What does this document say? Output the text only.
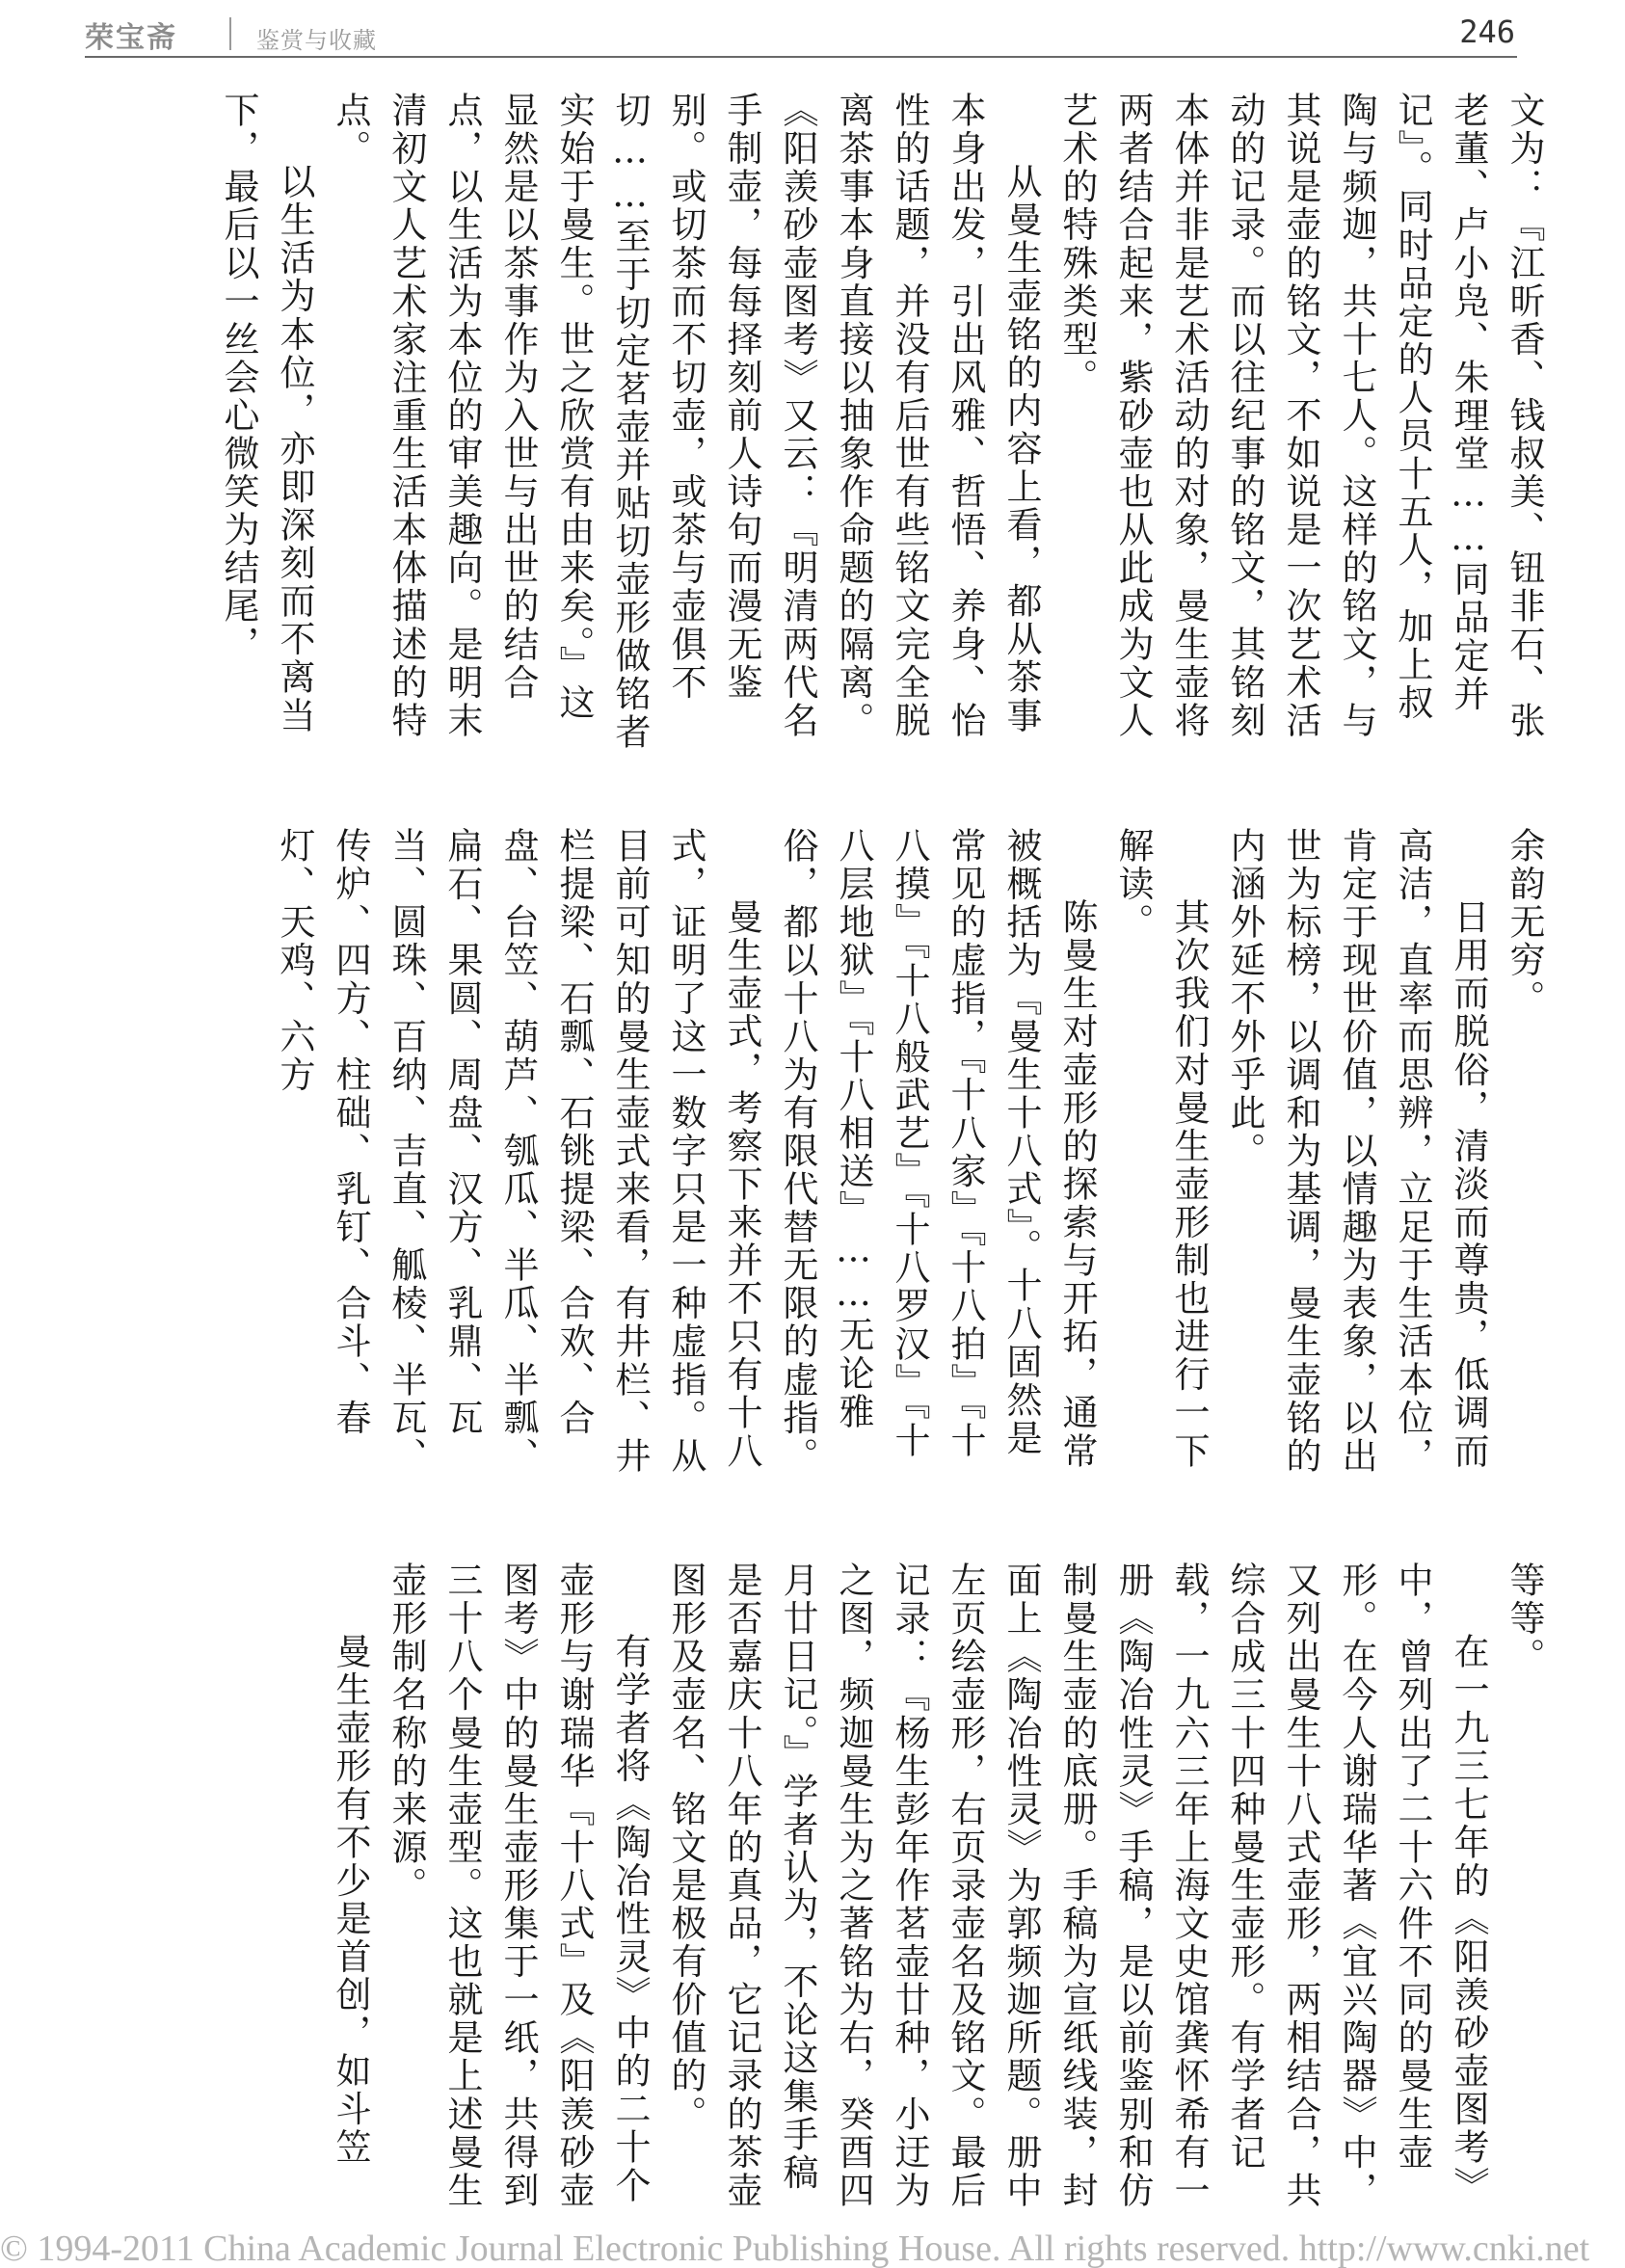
荣宝斋	鉴赏与收藏	246

文为：『江昕香、钱叔美、钮非石、张老董、卢小凫、朱理堂……同品定并记』。同时品定的人员十五人，加上叔陶与频迦，共十七人。这样的铭文，与其说是壶的铭文，不如说是一次艺术活动的记录。而以往纪事的铭文，其铭刻本体并非是艺术活动的对象，曼生壶将两者结合起来，紫砂壶也从此成为文人艺术的特殊类型。

从曼生壶铭的内容上看，都从茶事本身出发，引出风雅、哲悟、养身、怡性的话题，并没有后世有些铭文完全脱离茶事本身直接以抽象作命题的隔离。《阳羡砂壶图考》又云：『明清两代名手制壶，每每择刻前人诗句而漫无鉴别。或切茶而不切壶，或茶与壶俱不切……至于切定茗壶并贴切壶形做铭者实始于曼生。世之欣赏有由来矣。』这显然是以茶事作为入世与出世的结合点，以生活为本位的审美趣向。是明末清初文人艺术家注重生活本体描述的特点。

以生活为本位，亦即深刻而不离当下，最后以一丝会心微笑为结尾，

余韵无穷。

日用而脱俗，清淡而尊贵，低调而高洁，直率而思辨，立足于生活本位，肯定于现世价值，以情趣为表象，以出世为标榜，以调和为基调，曼生壶铭的内涵外延不外乎此。

其次我们对曼生壶形制也进行一下解读。

陈曼生对壶形的探索与开拓，通常被概括为『曼生十八式』。十八固然是常见的虚指，『十八家』『十八拍』『十八摸』『十八般武艺』『十八罗汉』『十八层地狱』『十八相送』……无论雅俗，都以十八为有限代替无限的虚指。

曼生壶式，考察下来并不只有十八式，证明了这一数字只是一种虚指。从目前可知的曼生壶式来看，有井栏、井栏提梁、石瓢、石铫提梁、合欢、合盘、台笠、葫芦、瓠瓜、半瓜、半瓢、扁石、果圆、周盘、汉方、乳鼎、瓦当、圆珠、百纳、吉直、觚棱、半瓦、传炉、四方、柱础、乳钉、合斗、春灯、天鸡、六方

等等。

在一九三七年的《阳羡砂壶图考》中，曾列出了二十六件不同的曼生壶形。在今人谢瑞华著《宜兴陶器》中，又列出曼生十八式壶形，两相结合，共综合成三十四种曼生壶形。有学者记载，一九六三年上海文史馆龚怀希有一册《陶冶性灵》手稿，是以前鉴别和仿制曼生壶的底册。手稿为宣纸线装，封面上《陶冶性灵》为郭频迦所题。册中左页绘壶形，右页录壶名及铭文。最后记录：『杨生彭年作茗壶廿种，小迂为之图，频迦曼生为之著铭为右，癸酉四月廿日记。』学者认为，不论这集手稿是否嘉庆十八年的真品，它记录的茶壶图形及壶名、铭文是极有价值的。

有学者将《陶冶性灵》中的二十个壶形与谢瑞华『十八式』及《阳羡砂壶图考》中的曼生壶形集于一纸，共得到三十八个曼生壶型。这也就是上述曼生壶形制名称的来源。

曼生壶形有不少是首创，如斗笠

© 1994-2011 China Academic Journal Electronic Publishing House. All rights reserved. http://www.cnki.net
